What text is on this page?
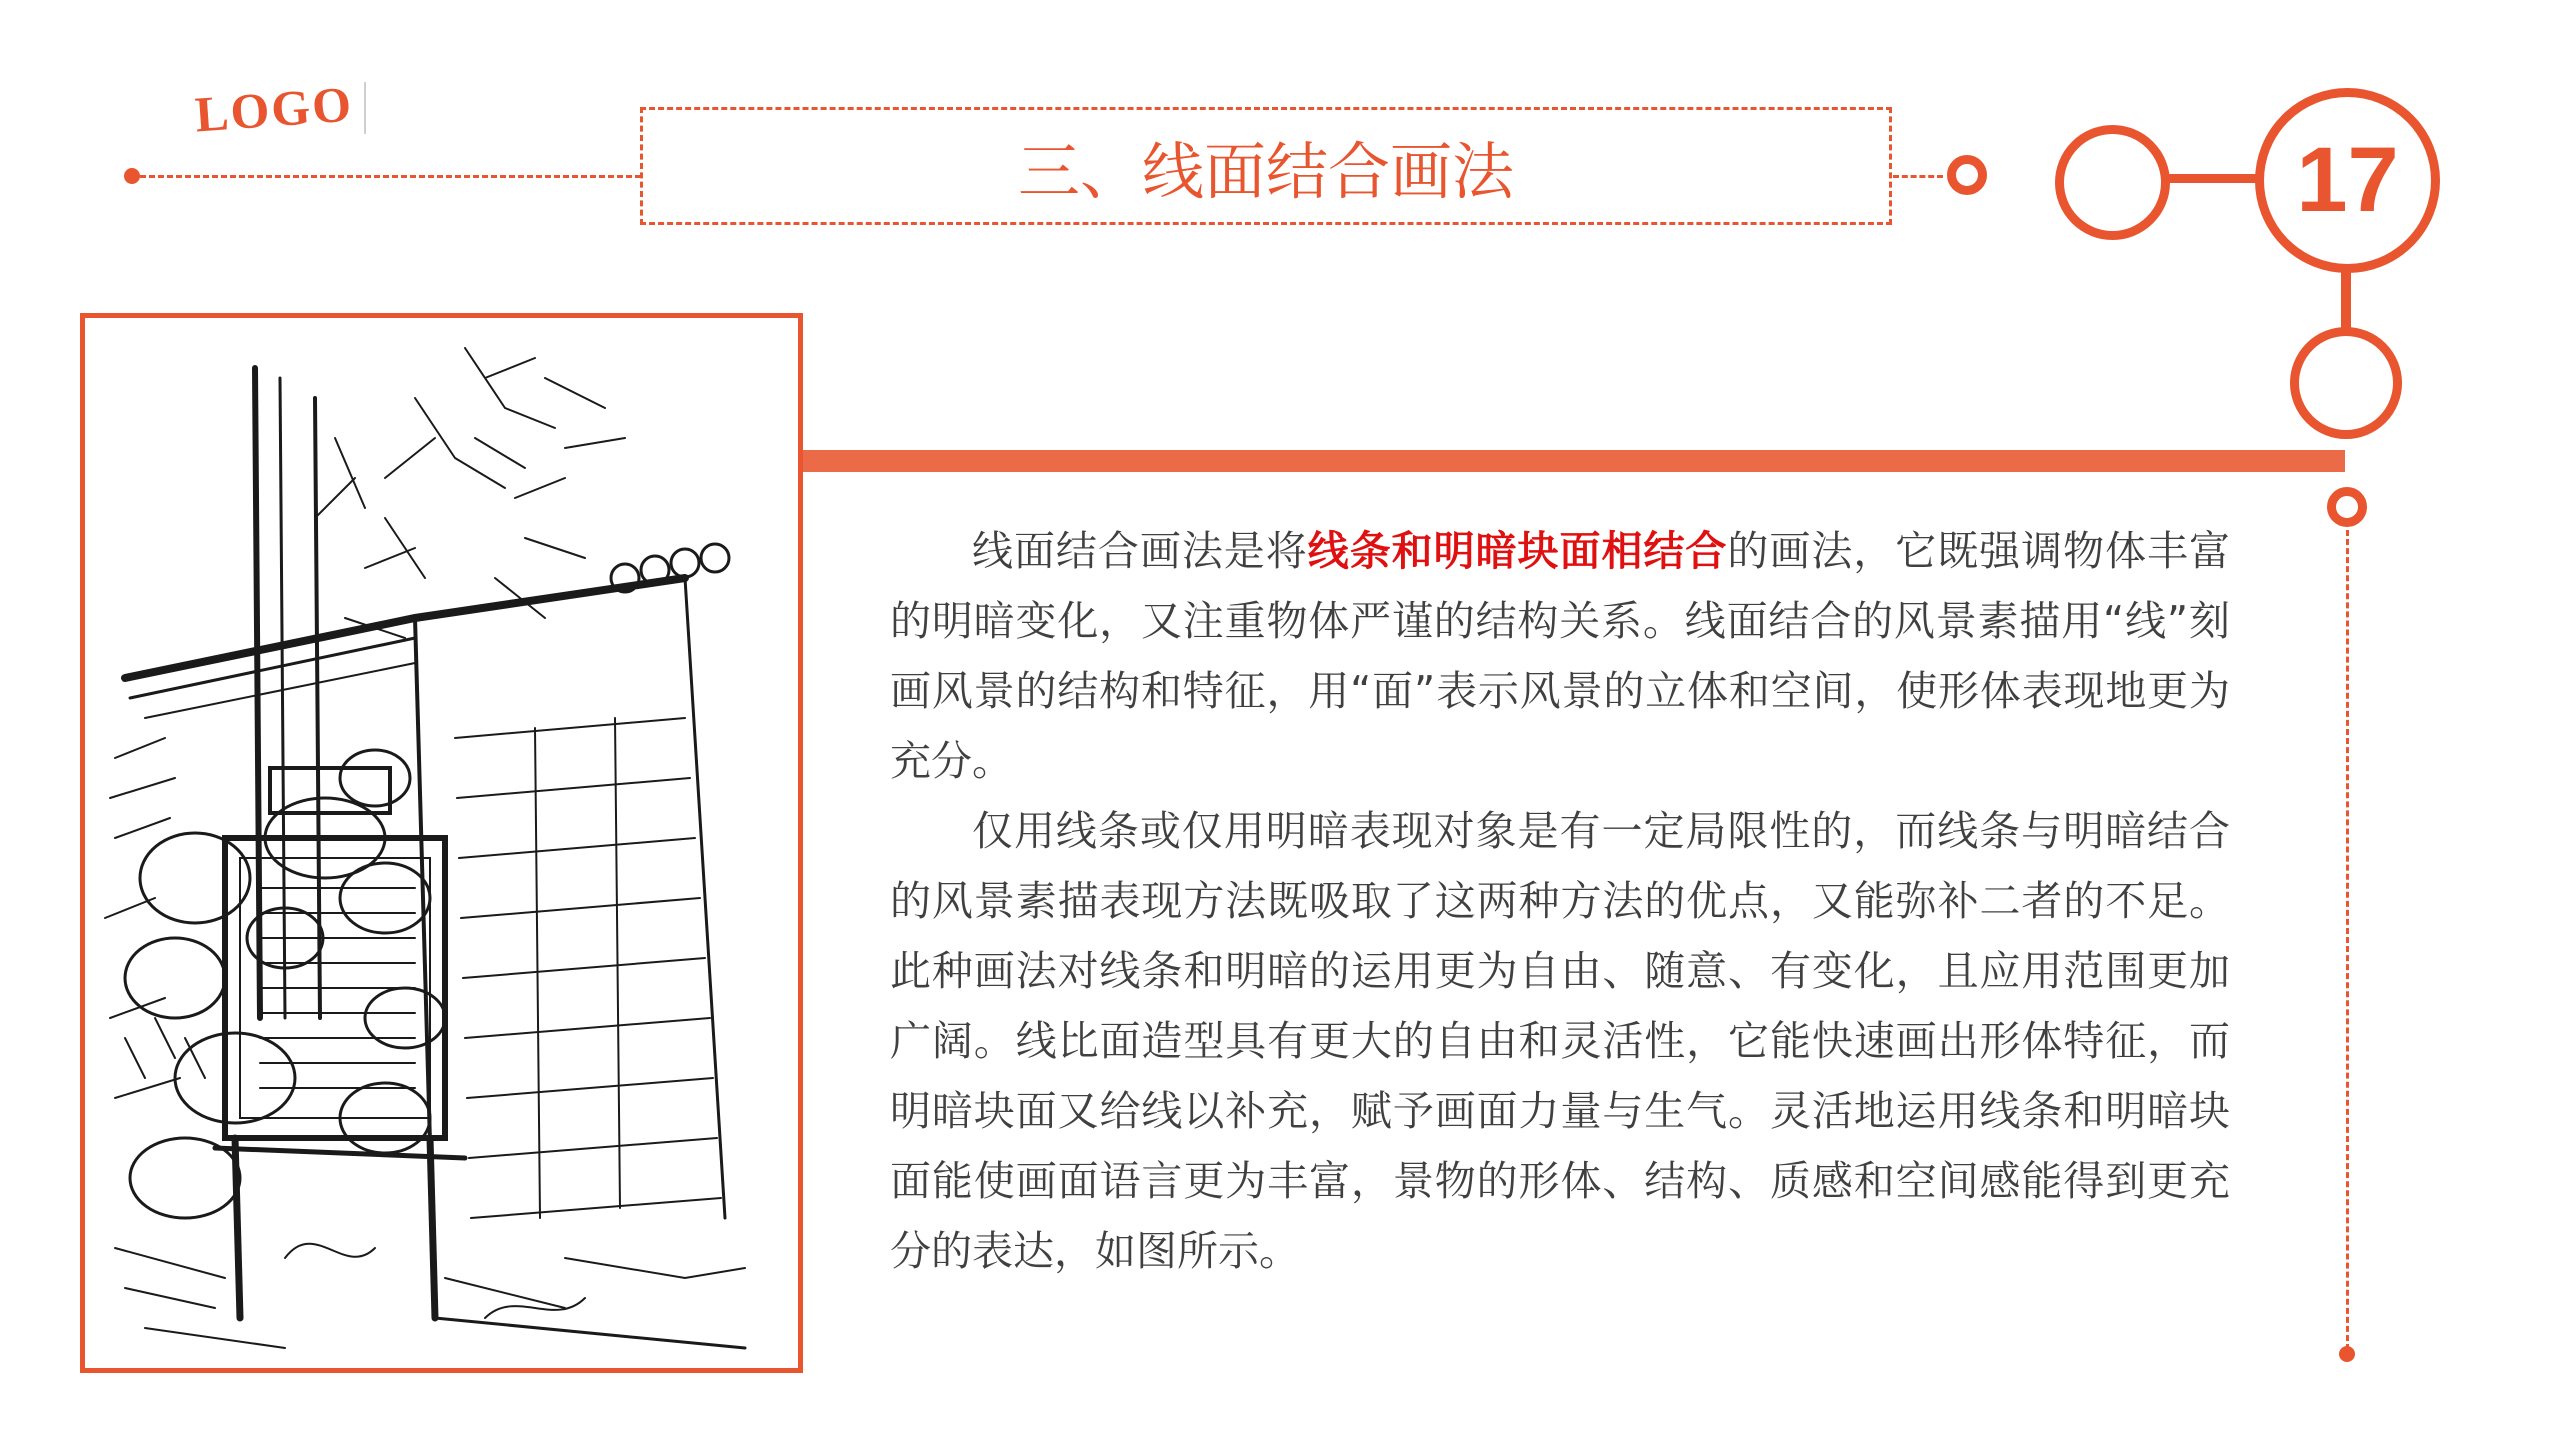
LOGO
三、线面结合画法	17

线面结合画法是将线条和明暗块面相结合的画法，它既强调物体丰富的明暗变化，又注重物体严谨的结构关系。线面结合的风景素描用“线”刻画风景的结构和特征，用“面”表示风景的立体和空间，使形体表现地更为充分。

仅用线条或仅用明暗表现对象是有一定局限性的，而线条与明暗结合的风景素描表现方法既吸取了这两种方法的优点，又能弥补二者的不足。此种画法对线条和明暗的运用更为自由、随意、有变化，且应用范围更加广阔。线比面造型具有更大的自由和灵活性，它能快速画出形体特征，而明暗块面又给线以补充，赋予画面力量与生气。灵活地运用线条和明暗块面能使画面语言更为丰富，景物的形体、结构、质感和空间感能得到更充分的表达，如图所示。
